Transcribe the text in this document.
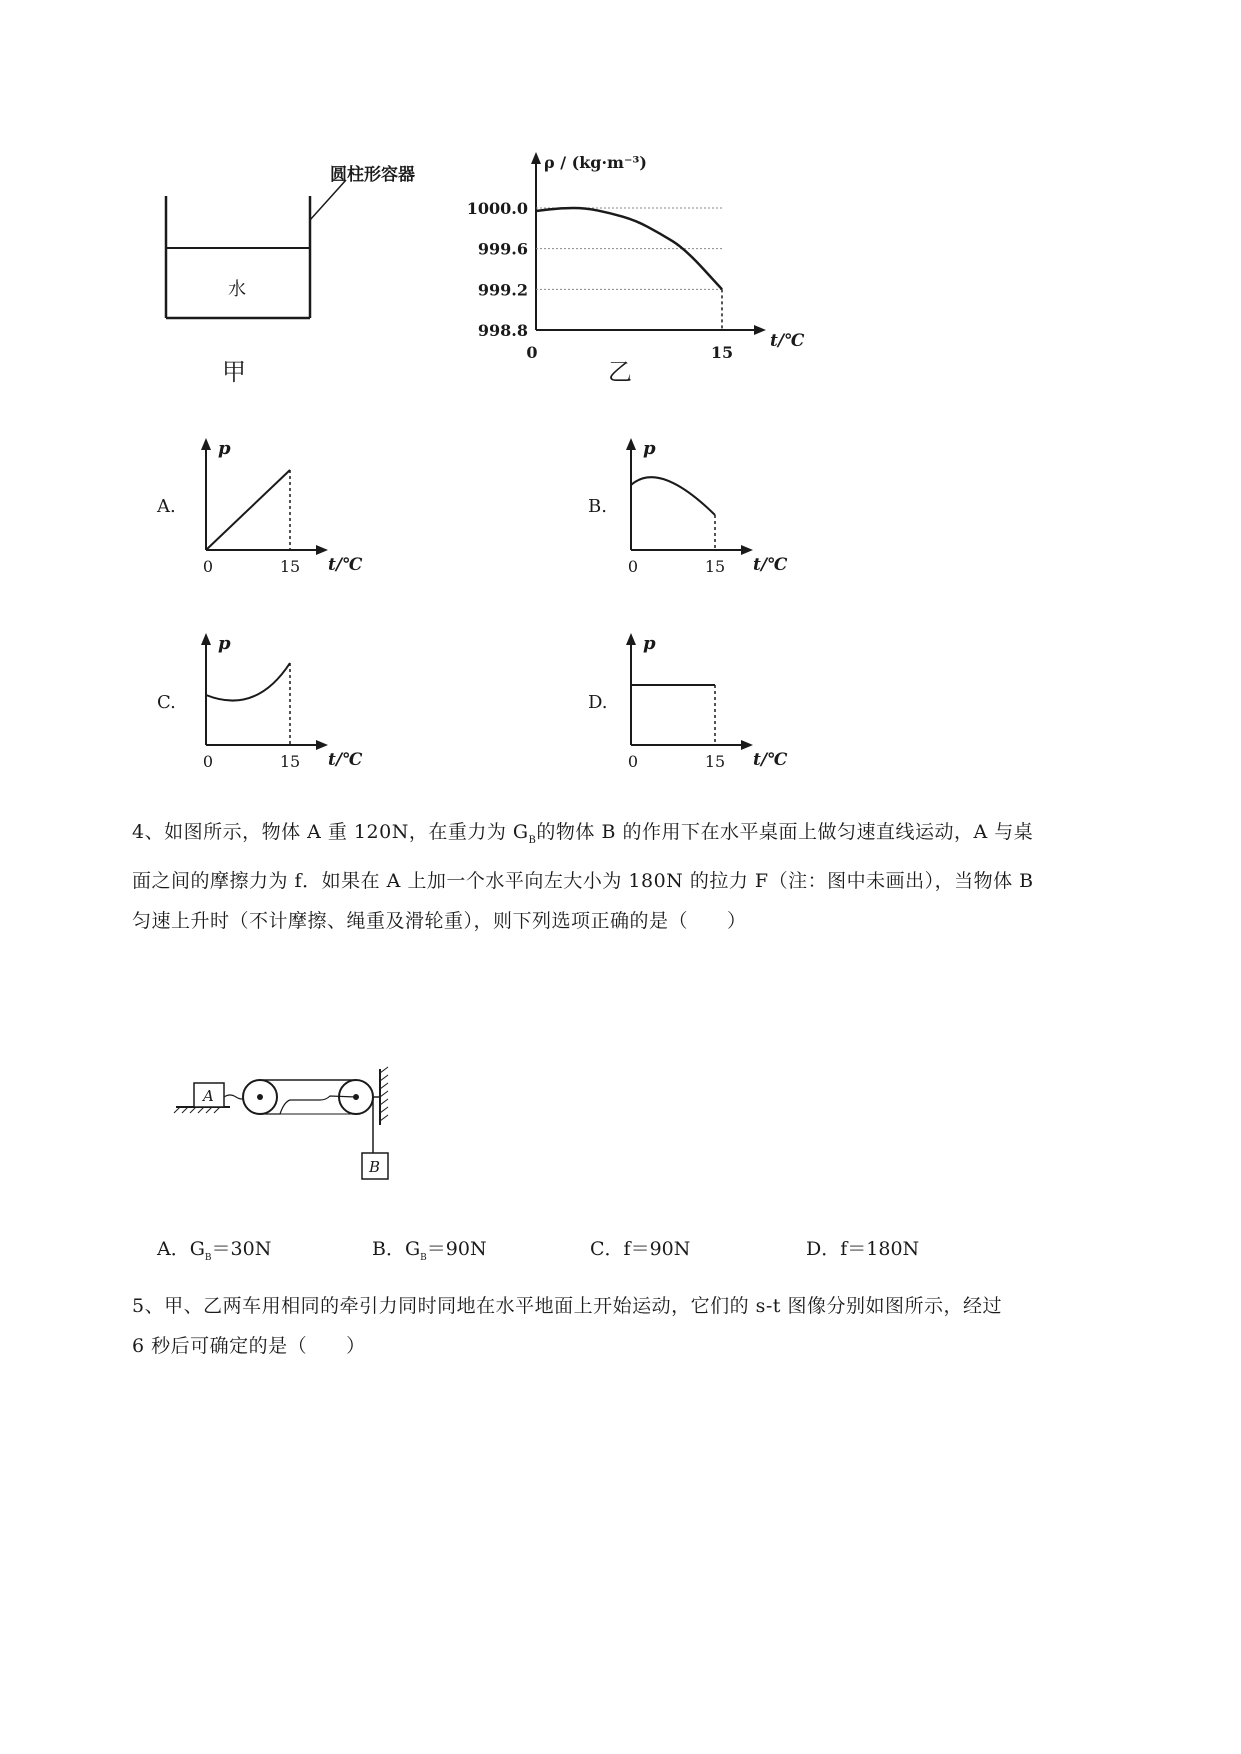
圆柱形容器
水
甲
ρ / (kg·m⁻³)
t/℃
1000.0
999.6
999.2
998.8
0	15
乙
A.	B.
C.	D.
p
t/℃
0	15
p
t/℃
0	15
p
t/℃
0	15
p
t/℃
0	15
4、如图所示，物体 A 重 120N，在重力为 $G_B$的物体 B 的作用下在水平桌面上做匀速直线运动，A 与桌
面之间的摩擦力为 f．如果在 A 上加一个水平向左大小为 180N 的拉力 F（注：图中未画出），当物体 B
匀速上升时（不计摩擦、绳重及滑轮重），则下列选项正确的是（　　）
A
B
A．$G_B=30N$	B．$G_B=90N$	C．f＝90N	D．f＝180N
5、甲、乙两车用相同的牵引力同时同地在水平地面上开始运动，它们的 s-t 图像分别如图所示，经过
6 秒后可确定的是（　　）
